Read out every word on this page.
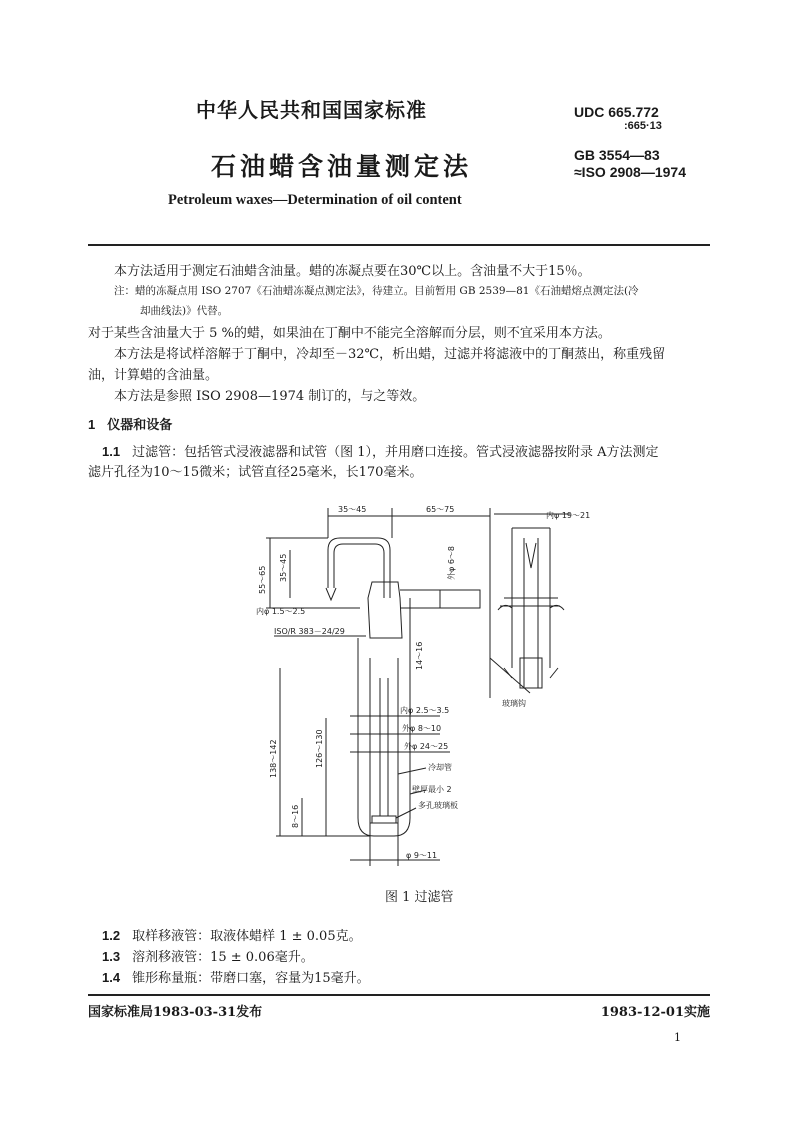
中华人民共和国国家标准	UDC 665.772
:665·13
石油蜡含油量测定法	GB 3554—83
≈ISO 2908—1974
Petroleum waxes—Determination of oil content
本方法适用于测定石油蜡含油量。蜡的冻凝点要在30℃以上。含油量不大于15％。
注：蜡的冻凝点用 ISO 2707《石油蜡冻凝点测定法》，待建立。目前暂用 GB 2539—81《石油蜡熔点测定法(冷
却曲线法)》代替。
对于某些含油量大于 5 %的蜡，如果油在丁酮中不能完全溶解而分层，则不宜采用本方法。
本方法是将试样溶解于丁酮中，冷却至－32℃，析出蜡，过滤并将滤液中的丁酮蒸出，称重残留
油，计算蜡的含油量。
本方法是参照 ISO 2908—1974 制订的，与之等效。
1 仪器和设备
1.1 过滤管：包括管式浸液滤器和试管（图 1），并用磨口连接。管式浸液滤器按附录 A方法测定
滤片孔径为10～15微米；试管直径25毫米，长170毫米。
35～45	65～75
55～65 35～45	外φ 6～8
内φ 1.5～2.5
ISO/R 383－24/29
14～16
138～142	126～130
8～16
内φ 2.5～3.5
外φ 8～10
外φ 24～25
冷却管
壁厚最小 2
多孔玻璃板
φ 9～11
内φ 19～21
玻璃钩
图 1 过滤管
1.2 取样移液管：取液体蜡样 1 ± 0.05克。
1.3 溶剂移液管：15 ± 0.06毫升。
1.4 锥形称量瓶：带磨口塞，容量为15毫升。
国家标准局1983-03-31发布	1983-12-01实施
1
